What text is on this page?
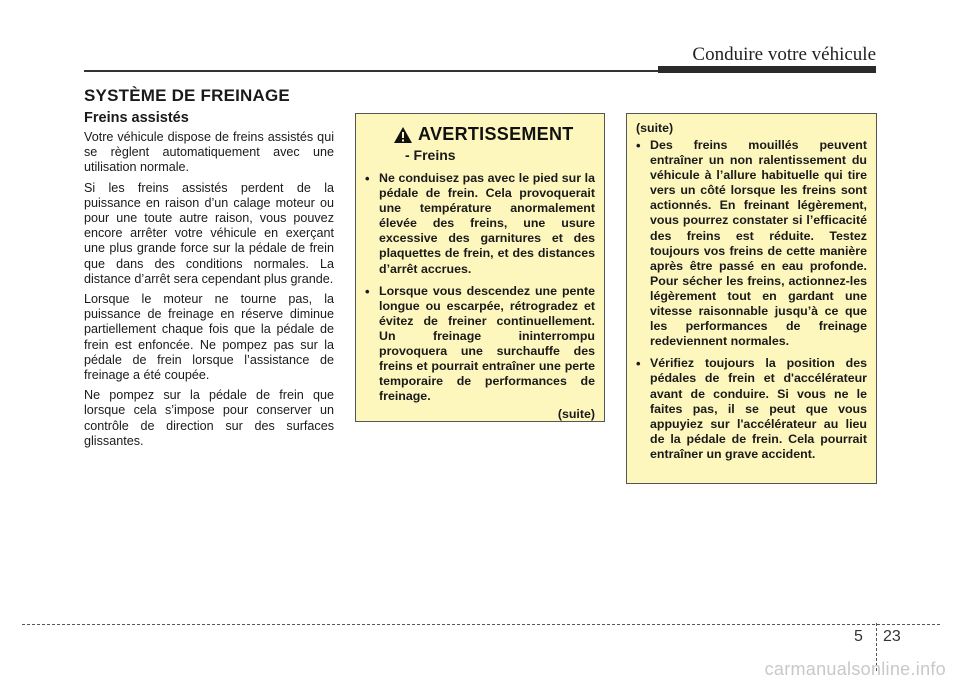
Conduire votre véhicule
SYSTÈME DE FREINAGE
Freins assistés

Votre véhicule dispose de freins assistés qui se règlent automatiquement avec une utilisation normale.

Si les freins assistés perdent de la puissance en raison d’un calage moteur ou pour une toute autre raison, vous pouvez encore arrêter votre véhicule en exerçant une plus grande force sur la pédale de frein que dans des conditions normales. La distance d’arrêt sera cependant plus grande.

Lorsque le moteur ne tourne pas, la puissance de freinage en réserve diminue partiellement chaque fois que la pédale de frein est enfoncée. Ne pompez pas sur la pédale de frein lorsque l’assistance de freinage a été coupée.

Ne pompez sur la pédale de frein que lorsque cela s’impose pour conserver un contrôle de direction sur des surfaces glissantes.

AVERTISSEMENT
- Freins
• Ne conduisez pas avec le pied sur la pédale de frein. Cela provoquerait une température anormalement élevée des freins, une usure excessive des garnitures et des plaquettes de frein, et des distances d’arrêt accrues.
• Lorsque vous descendez une pente longue ou escarpée, rétrogradez et évitez de freiner continuellement. Un freinage ininterrompu provoquera une surchauffe des freins et pourrait entraîner une perte temporaire de performances de freinage.
(suite)
(suite)
• Des freins mouillés peuvent entraîner un non ralentissement du véhicule à l’allure habituelle qui tire vers un côté lorsque les freins sont actionnés. En freinant légèrement, vous pourrez constater si l’efficacité des freins est réduite. Testez toujours vos freins de cette manière après être passé en eau profonde. Pour sécher les freins, actionnez-les légèrement tout en gardant une vitesse raisonnable jusqu’à ce que les performances de freinage redeviennent normales.
• Vérifiez toujours la position des pédales de frein et d'accélérateur avant de conduire. Si vous ne le faites pas, il se peut que vous appuyiez sur l'accélérateur au lieu de la pédale de frein. Cela pourrait entraîner un grave accident.
5 23
carmanualsonline.info
